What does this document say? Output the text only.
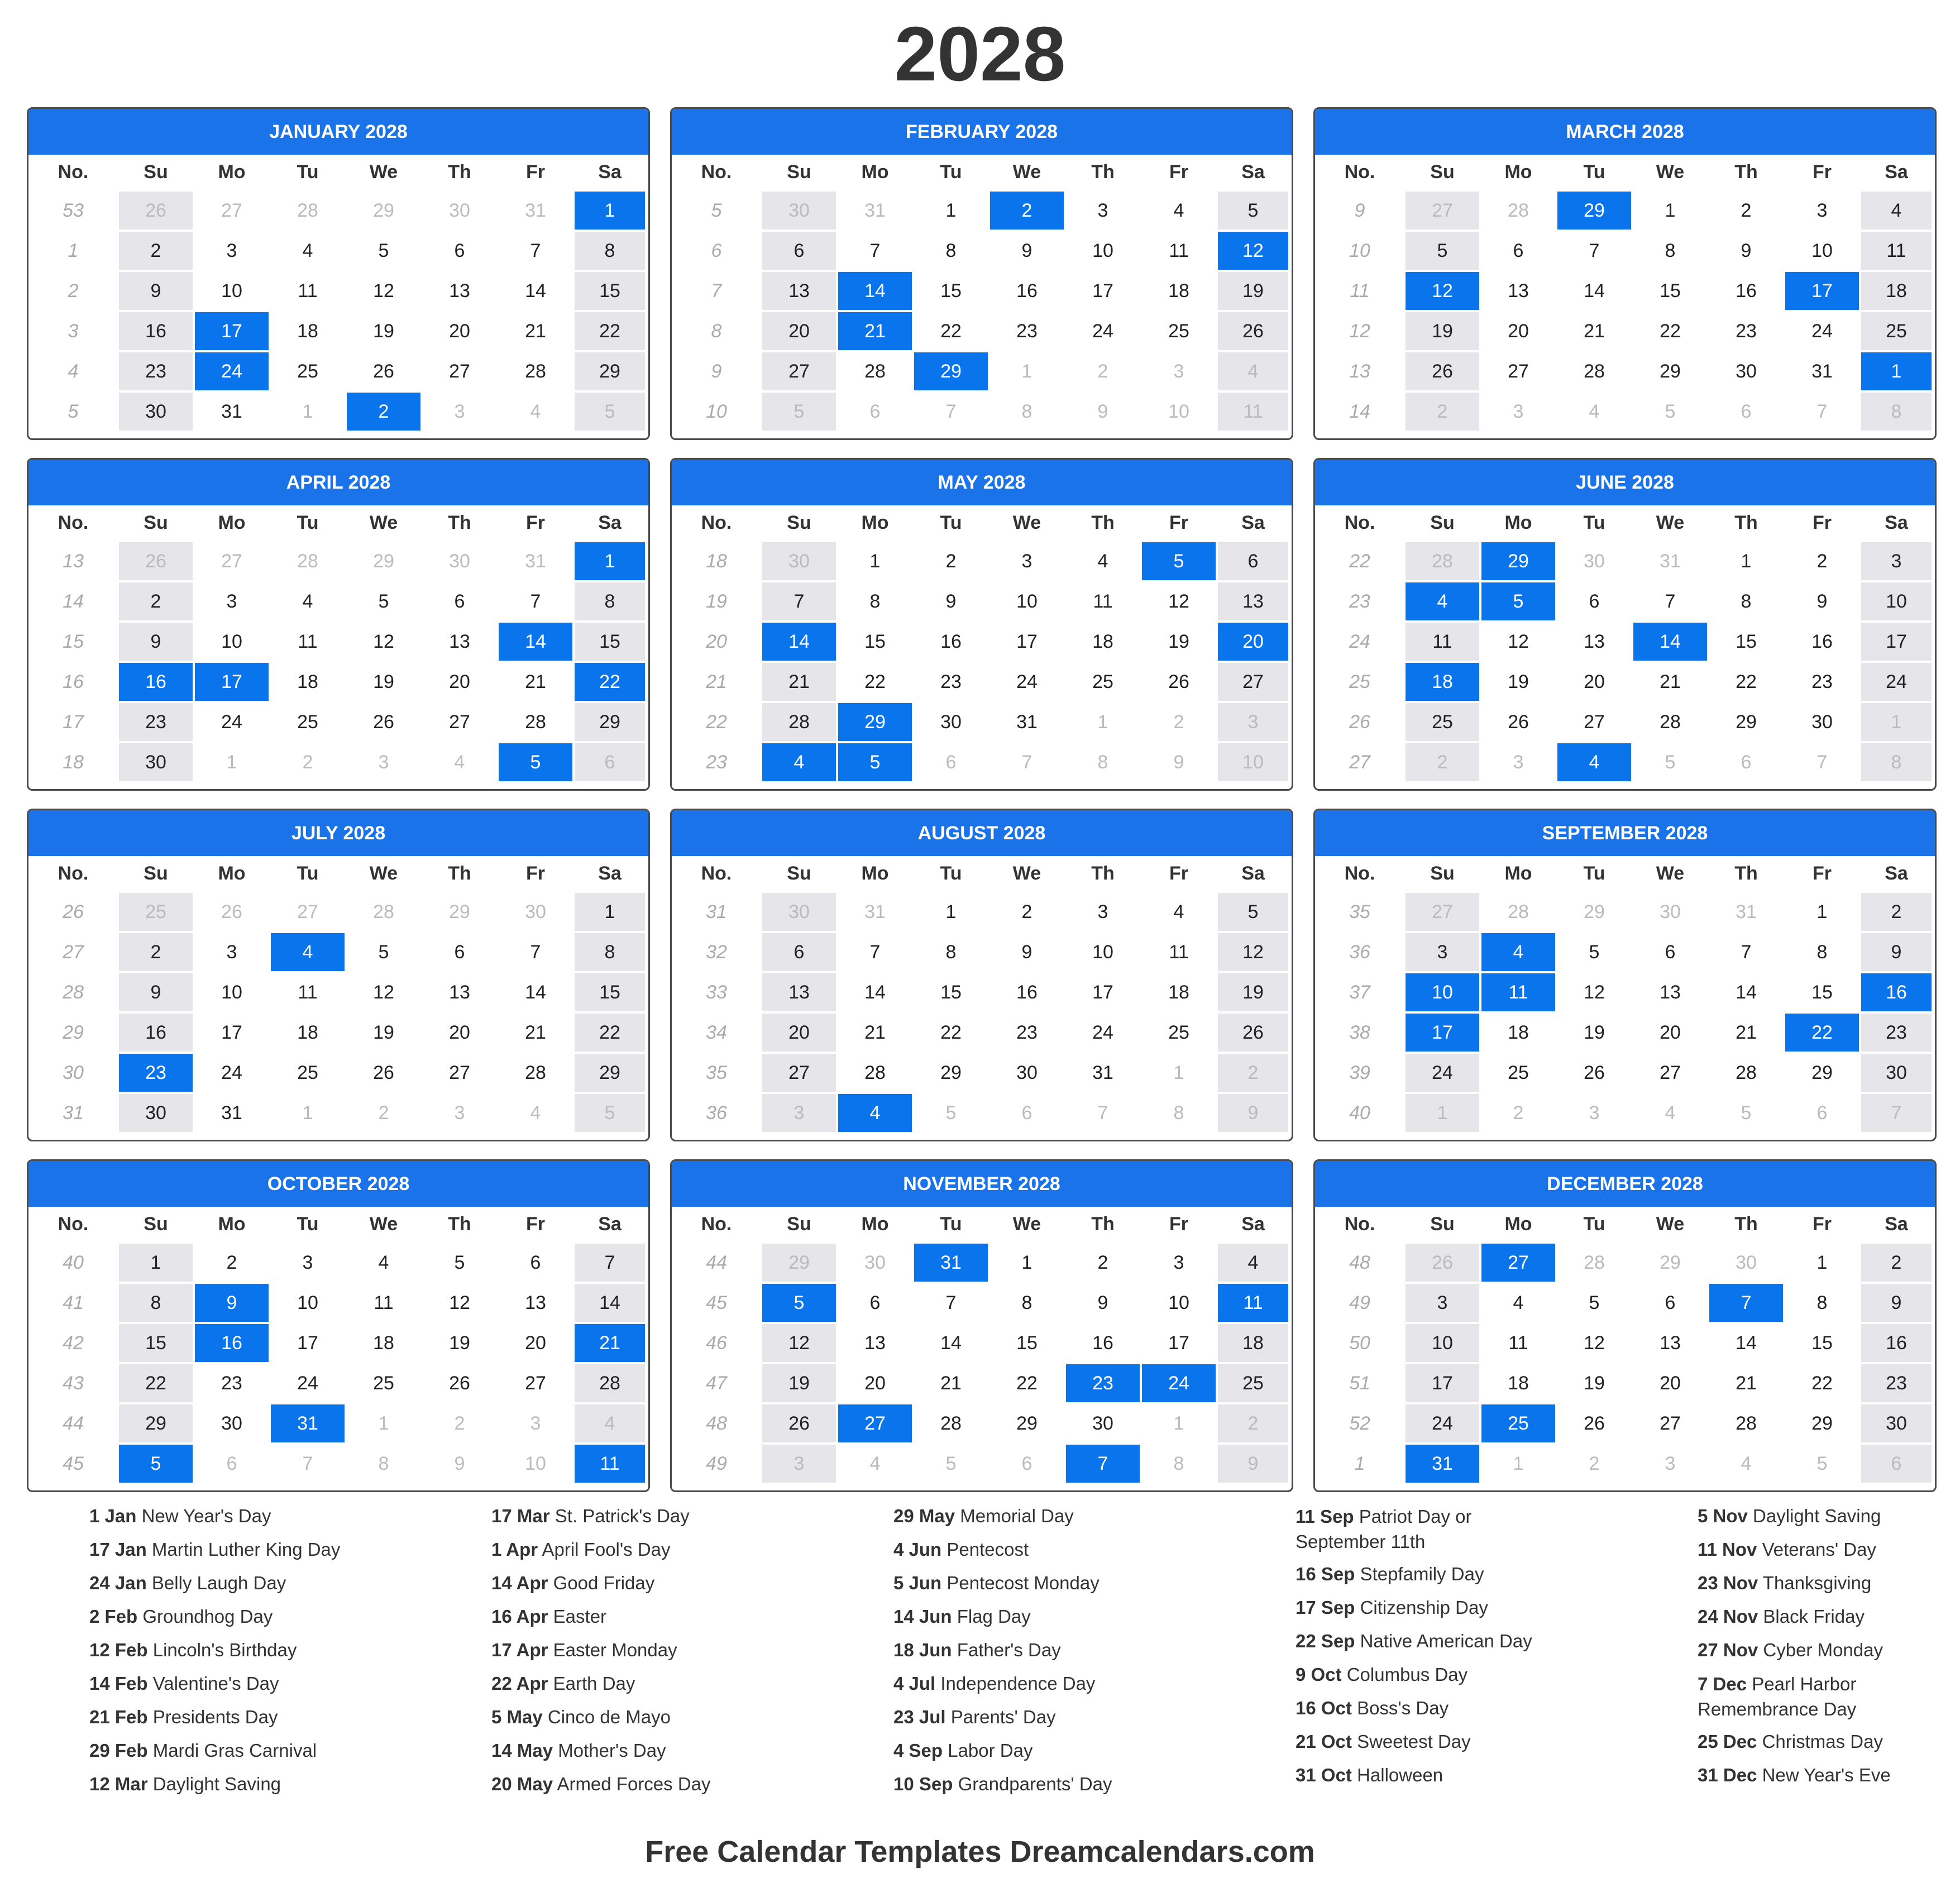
2028
JANUARY 2028
No.	Su	Mo	Tu	We	Th	Fr	Sa
53	26	27	28	29	30	31	1
1	2	3	4	5	6	7	8
2	9	10	11	12	13	14	15
3	16	17	18	19	20	21	22
4	23	24	25	26	27	28	29
5	30	31	1	2	3	4	5
FEBRUARY 2028
No.	Su	Mo	Tu	We	Th	Fr	Sa
5	30	31	1	2	3	4	5
6	6	7	8	9	10	11	12
7	13	14	15	16	17	18	19
8	20	21	22	23	24	25	26
9	27	28	29	1	2	3	4
10	5	6	7	8	9	10	11
MARCH 2028
No.	Su	Mo	Tu	We	Th	Fr	Sa
9	27	28	29	1	2	3	4
10	5	6	7	8	9	10	11
11	12	13	14	15	16	17	18
12	19	20	21	22	23	24	25
13	26	27	28	29	30	31	1
14	2	3	4	5	6	7	8
APRIL 2028
No.	Su	Mo	Tu	We	Th	Fr	Sa
13	26	27	28	29	30	31	1
14	2	3	4	5	6	7	8
15	9	10	11	12	13	14	15
16	16	17	18	19	20	21	22
17	23	24	25	26	27	28	29
18	30	1	2	3	4	5	6
MAY 2028
No.	Su	Mo	Tu	We	Th	Fr	Sa
18	30	1	2	3	4	5	6
19	7	8	9	10	11	12	13
20	14	15	16	17	18	19	20
21	21	22	23	24	25	26	27
22	28	29	30	31	1	2	3
23	4	5	6	7	8	9	10
JUNE 2028
No.	Su	Mo	Tu	We	Th	Fr	Sa
22	28	29	30	31	1	2	3
23	4	5	6	7	8	9	10
24	11	12	13	14	15	16	17
25	18	19	20	21	22	23	24
26	25	26	27	28	29	30	1
27	2	3	4	5	6	7	8
JULY 2028
No.	Su	Mo	Tu	We	Th	Fr	Sa
26	25	26	27	28	29	30	1
27	2	3	4	5	6	7	8
28	9	10	11	12	13	14	15
29	16	17	18	19	20	21	22
30	23	24	25	26	27	28	29
31	30	31	1	2	3	4	5
AUGUST 2028
No.	Su	Mo	Tu	We	Th	Fr	Sa
31	30	31	1	2	3	4	5
32	6	7	8	9	10	11	12
33	13	14	15	16	17	18	19
34	20	21	22	23	24	25	26
35	27	28	29	30	31	1	2
36	3	4	5	6	7	8	9
SEPTEMBER 2028
No.	Su	Mo	Tu	We	Th	Fr	Sa
35	27	28	29	30	31	1	2
36	3	4	5	6	7	8	9
37	10	11	12	13	14	15	16
38	17	18	19	20	21	22	23
39	24	25	26	27	28	29	30
40	1	2	3	4	5	6	7
OCTOBER 2028
No.	Su	Mo	Tu	We	Th	Fr	Sa
40	1	2	3	4	5	6	7
41	8	9	10	11	12	13	14
42	15	16	17	18	19	20	21
43	22	23	24	25	26	27	28
44	29	30	31	1	2	3	4
45	5	6	7	8	9	10	11
NOVEMBER 2028
No.	Su	Mo	Tu	We	Th	Fr	Sa
44	29	30	31	1	2	3	4
45	5	6	7	8	9	10	11
46	12	13	14	15	16	17	18
47	19	20	21	22	23	24	25
48	26	27	28	29	30	1	2
49	3	4	5	6	7	8	9
DECEMBER 2028
No.	Su	Mo	Tu	We	Th	Fr	Sa
48	26	27	28	29	30	1	2
49	3	4	5	6	7	8	9
50	10	11	12	13	14	15	16
51	17	18	19	20	21	22	23
52	24	25	26	27	28	29	30
1	31	1	2	3	4	5	6
1 Jan New Year's Day
17 Jan Martin Luther King Day
24 Jan Belly Laugh Day
2 Feb Groundhog Day
12 Feb Lincoln's Birthday
14 Feb Valentine's Day
21 Feb Presidents Day
29 Feb Mardi Gras Carnival
12 Mar Daylight Saving
17 Mar St. Patrick's Day
1 Apr April Fool's Day
14 Apr Good Friday
16 Apr Easter
17 Apr Easter Monday
22 Apr Earth Day
5 May Cinco de Mayo
14 May Mother's Day
20 May Armed Forces Day
29 May Memorial Day
4 Jun Pentecost
5 Jun Pentecost Monday
14 Jun Flag Day
18 Jun Father's Day
4 Jul Independence Day
23 Jul Parents' Day
4 Sep Labor Day
10 Sep Grandparents' Day
11 Sep Patriot Day or September 11th
16 Sep Stepfamily Day
17 Sep Citizenship Day
22 Sep Native American Day
9 Oct Columbus Day
16 Oct Boss's Day
21 Oct Sweetest Day
31 Oct Halloween
5 Nov Daylight Saving
11 Nov Veterans' Day
23 Nov Thanksgiving
24 Nov Black Friday
27 Nov Cyber Monday
7 Dec Pearl Harbor Remembrance Day
25 Dec Christmas Day
31 Dec New Year's Eve
Free Calendar Templates Dreamcalendars.com
